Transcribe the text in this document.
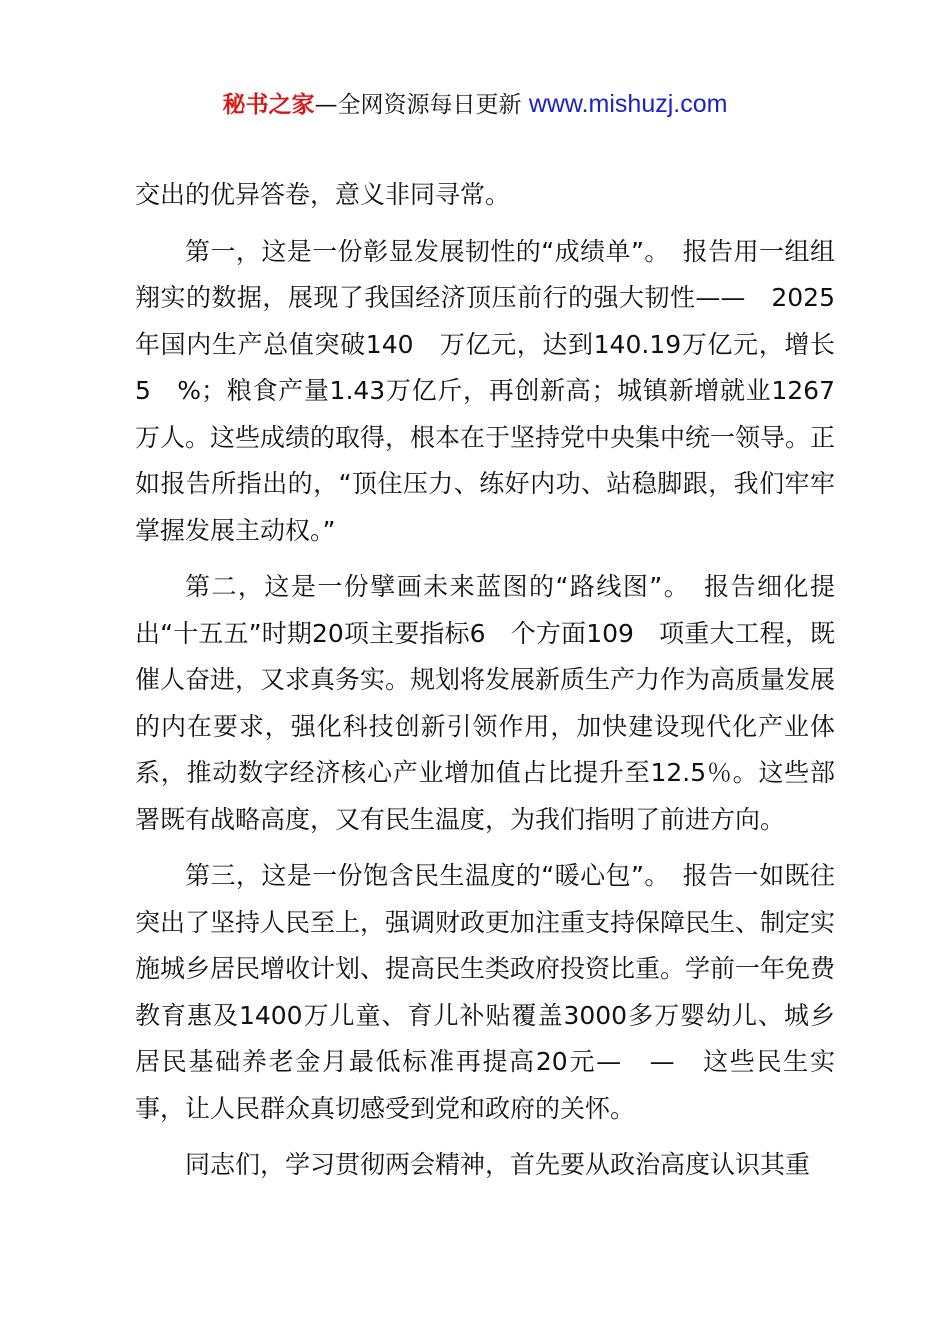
秘书之家—全网资源每日更新 www.mishuzj.com

交出的优异答卷，意义非同寻常。

第一，这是一份彰显发展韧性的“成绩单”。　报告用一组组翔实的数据，展现了我国经济顶压前行的强大韧性——　2025年国内生产总值突破140　万亿元，达到140.19万亿元，增长5　%；粮食产量1.43万亿斤，再创新高；城镇新增就业1267万人。这些成绩的取得，根本在于坚持党中央集中统一领导。正如报告所指出的，“顶住压力、练好内功、站稳脚跟，我们牢牢掌握发展主动权。”

第二，这是一份擘画未来蓝图的“路线图”。　报告细化提出“十五五”时期20项主要指标6　个方面109　项重大工程，既催人奋进，又求真务实。规划将发展新质生产力作为高质量发展的内在要求，强化科技创新引领作用，加快建设现代化产业体系，推动数字经济核心产业增加值占比提升至12.5％。这些部署既有战略高度，又有民生温度，为我们指明了前进方向。

第三，这是一份饱含民生温度的“暖心包”。　报告一如既往突出了坚持人民至上，强调财政更加注重支持保障民生、制定实施城乡居民增收计划、提高民生类政府投资比重。学前一年免费教育惠及1400万儿童、育儿补贴覆盖3000多万婴幼儿、城乡居民基础养老金月最低标准再提高20元—　—　这些民生实事，让人民群众真切感受到党和政府的关怀。

同志们，学习贯彻两会精神，首先要从政治高度认识其重
